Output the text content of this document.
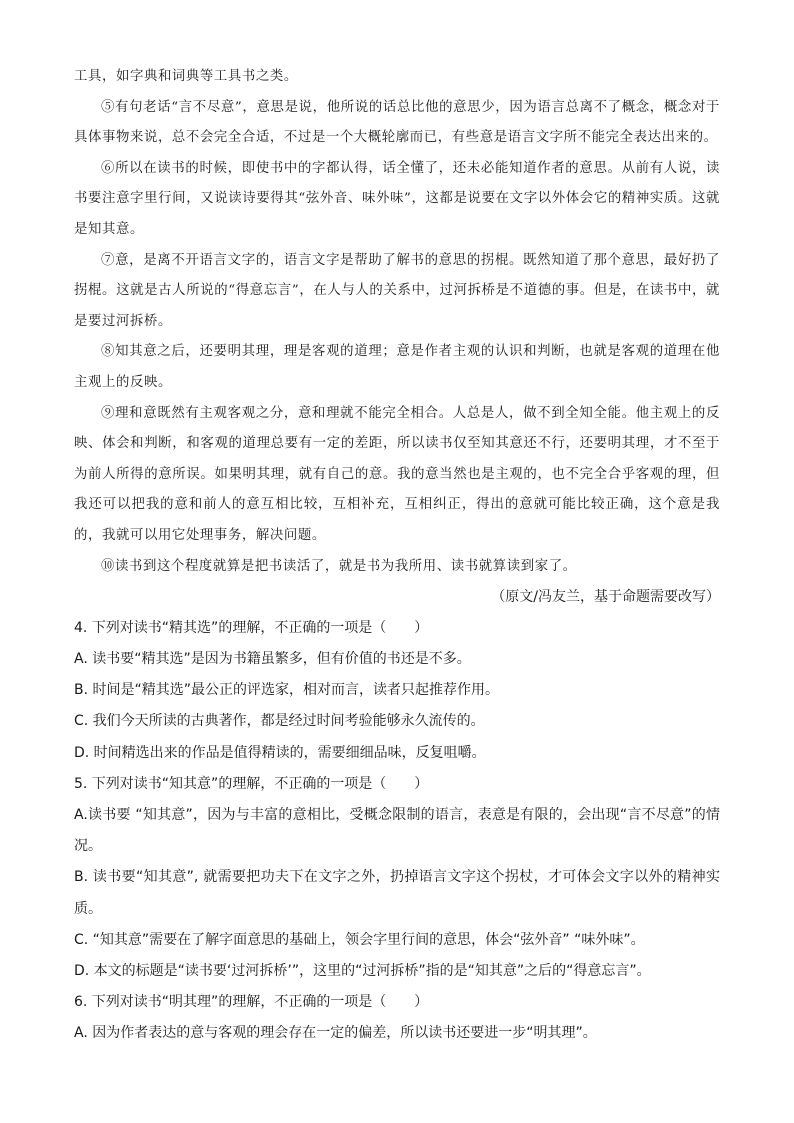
工具，如字典和词典等工具书之类。

⑤有句老话“言不尽意”，意思是说，他所说的话总比他的意思少，因为语言总离不了概念，概念对于具体事物来说，总不会完全合适，不过是一个大概轮廓而已，有些意是语言文字所不能完全表达出来的。

⑥所以在读书的时候，即使书中的字都认得，话全懂了，还未必能知道作者的意思。从前有人说，读书要注意字里行间，又说读诗要得其“弦外音、味外味”，这都是说要在文字以外体会它的精神实质。这就是知其意。

⑦意，是离不开语言文字的，语言文字是帮助了解书的意思的拐棍。既然知道了那个意思，最好扔了拐棍。这就是古人所说的“得意忘言”，在人与人的关系中，过河拆桥是不道德的事。但是，在读书中，就是要过河拆桥。

⑧知其意之后，还要明其理，理是客观的道理；意是作者主观的认识和判断，也就是客观的道理在他主观上的反映。

⑨理和意既然有主观客观之分，意和理就不能完全相合。人总是人，做不到全知全能。他主观上的反映、体会和判断，和客观的道理总要有一定的差距，所以读书仅至知其意还不行，还要明其理，才不至于为前人所得的意所误。如果明其理，就有自己的意。我的意当然也是主观的，也不完全合乎客观的理，但我还可以把我的意和前人的意互相比较，互相补充，互相纠正，得出的意就可能比较正确，这个意是我的，我就可以用它处理事务，解决问题。

⑩读书到这个程度就算是把书读活了，就是书为我所用、读书就算读到家了。

（原文/冯友兰，基于命题需要改写）

4. 下列对读书“精其选”的理解，不正确的一项是（　　）

A. 读书要“精其选”是因为书籍虽繁多，但有价值的书还是不多。

B. 时间是“精其选”最公正的评选家，相对而言，读者只起推荐作用。

C. 我们今天所读的古典著作，都是经过时间考验能够永久流传的。

D. 时间精选出来的作品是值得精读的，需要细细品味，反复咀嚼。

5. 下列对读书“知其意”的理解，不正确的一项是（　　）

A.读书要 “知其意”，因为与丰富的意相比，受概念限制的语言，表意是有限的，会出现“言不尽意”的情况。

B. 读书要“知其意”, 就需要把功夫下在文字之外，扔掉语言文字这个拐杖，才可体会文字以外的精神实质。

C. “知其意”需要在了解字面意思的基础上，领会字里行间的意思，体会“弦外音” “味外味”。

D. 本文的标题是“读书要‘过河拆桥’”，这里的“过河拆桥”指的是“知其意”之后的“得意忘言”。

6. 下列对读书“明其理”的理解，不正确的一项是（　　）

A. 因为作者表达的意与客观的理会存在一定的偏差，所以读书还要进一步“明其理”。
